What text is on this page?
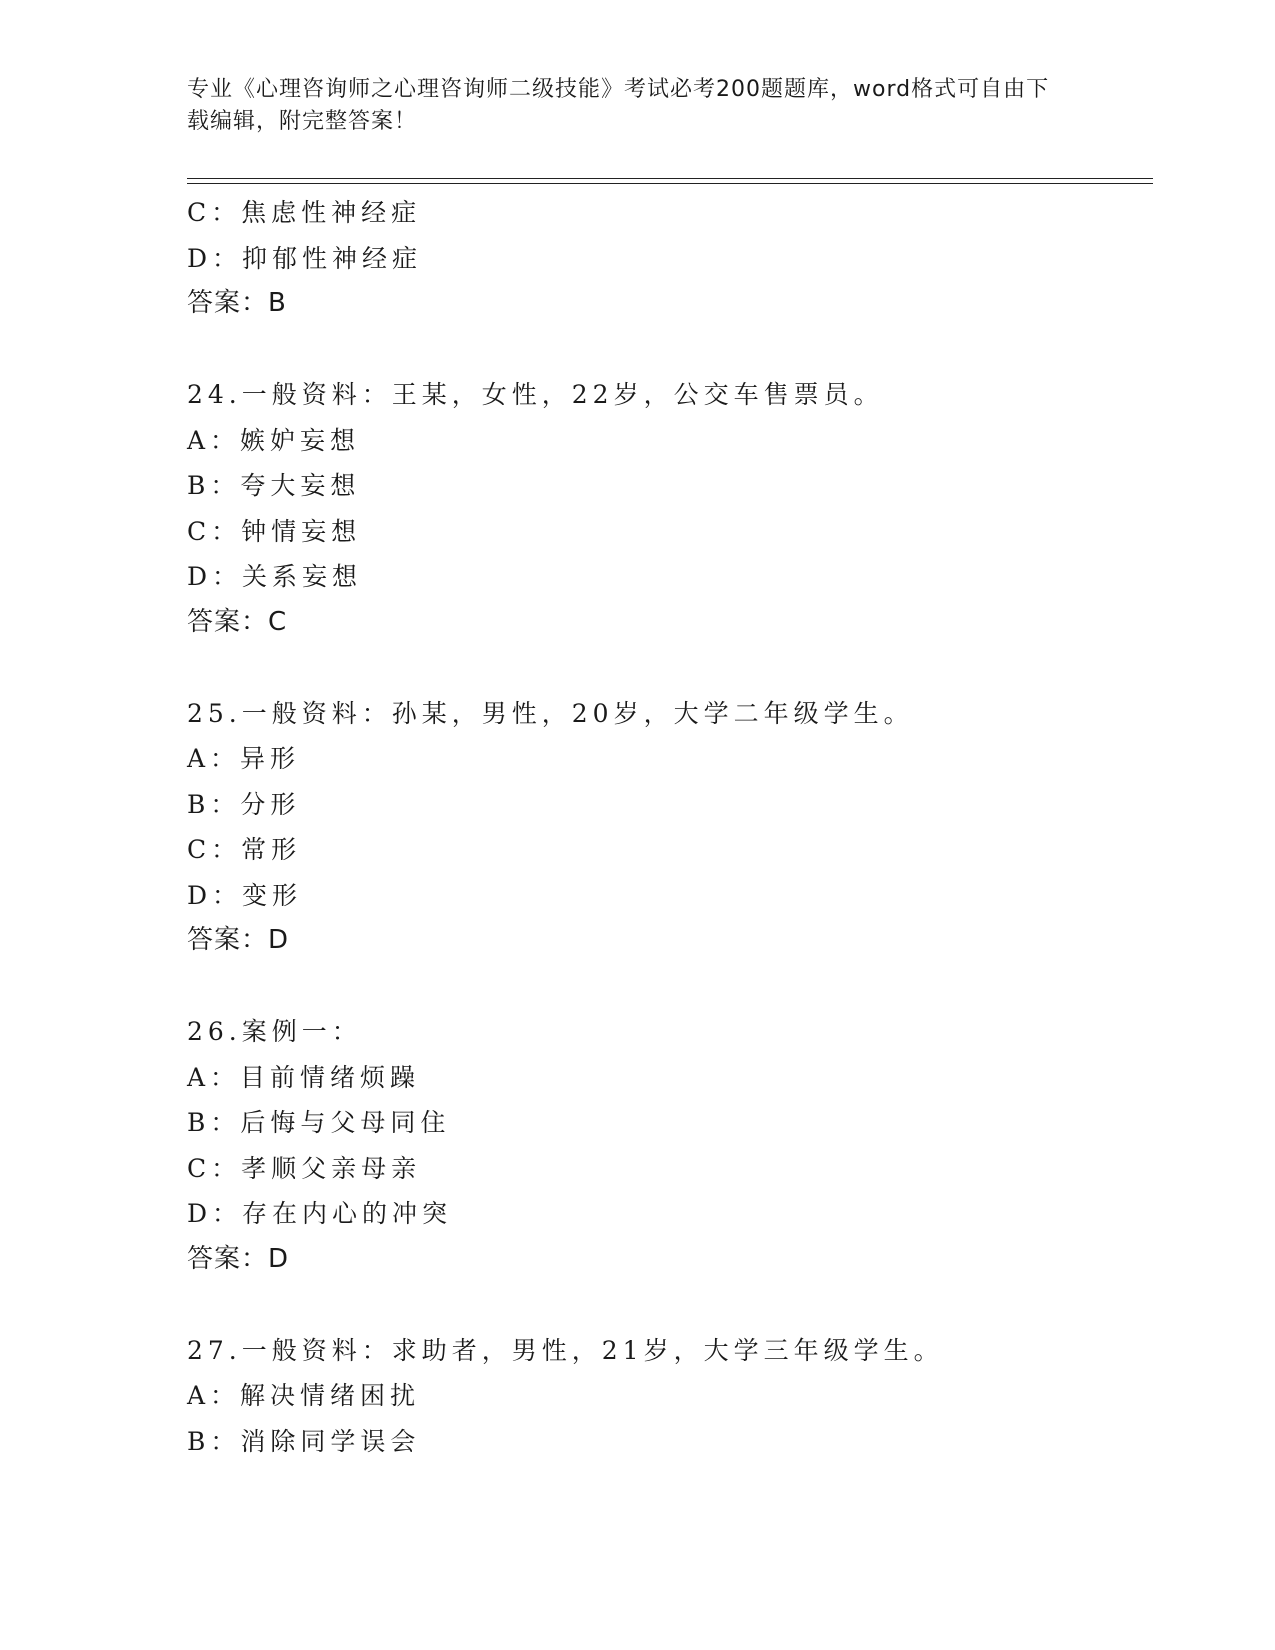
专业《心理咨询师之心理咨询师二级技能》考试必考200题题库，word格式可自由下载编辑，附完整答案！
C：焦虑性神经症
D：抑郁性神经症
答案：B
24.一般资料：王某，女性，22岁，公交车售票员。
A：嫉妒妄想
B：夸大妄想
C：钟情妄想
D：关系妄想
答案：C
25.一般资料：孙某，男性，20岁，大学二年级学生。
A：异形
B：分形
C：常形
D：变形
答案：D
26.案例一：
A：目前情绪烦躁
B：后悔与父母同住
C：孝顺父亲母亲
D：存在内心的冲突
答案：D
27.一般资料：求助者，男性，21岁，大学三年级学生。
A：解决情绪困扰
B：消除同学误会
